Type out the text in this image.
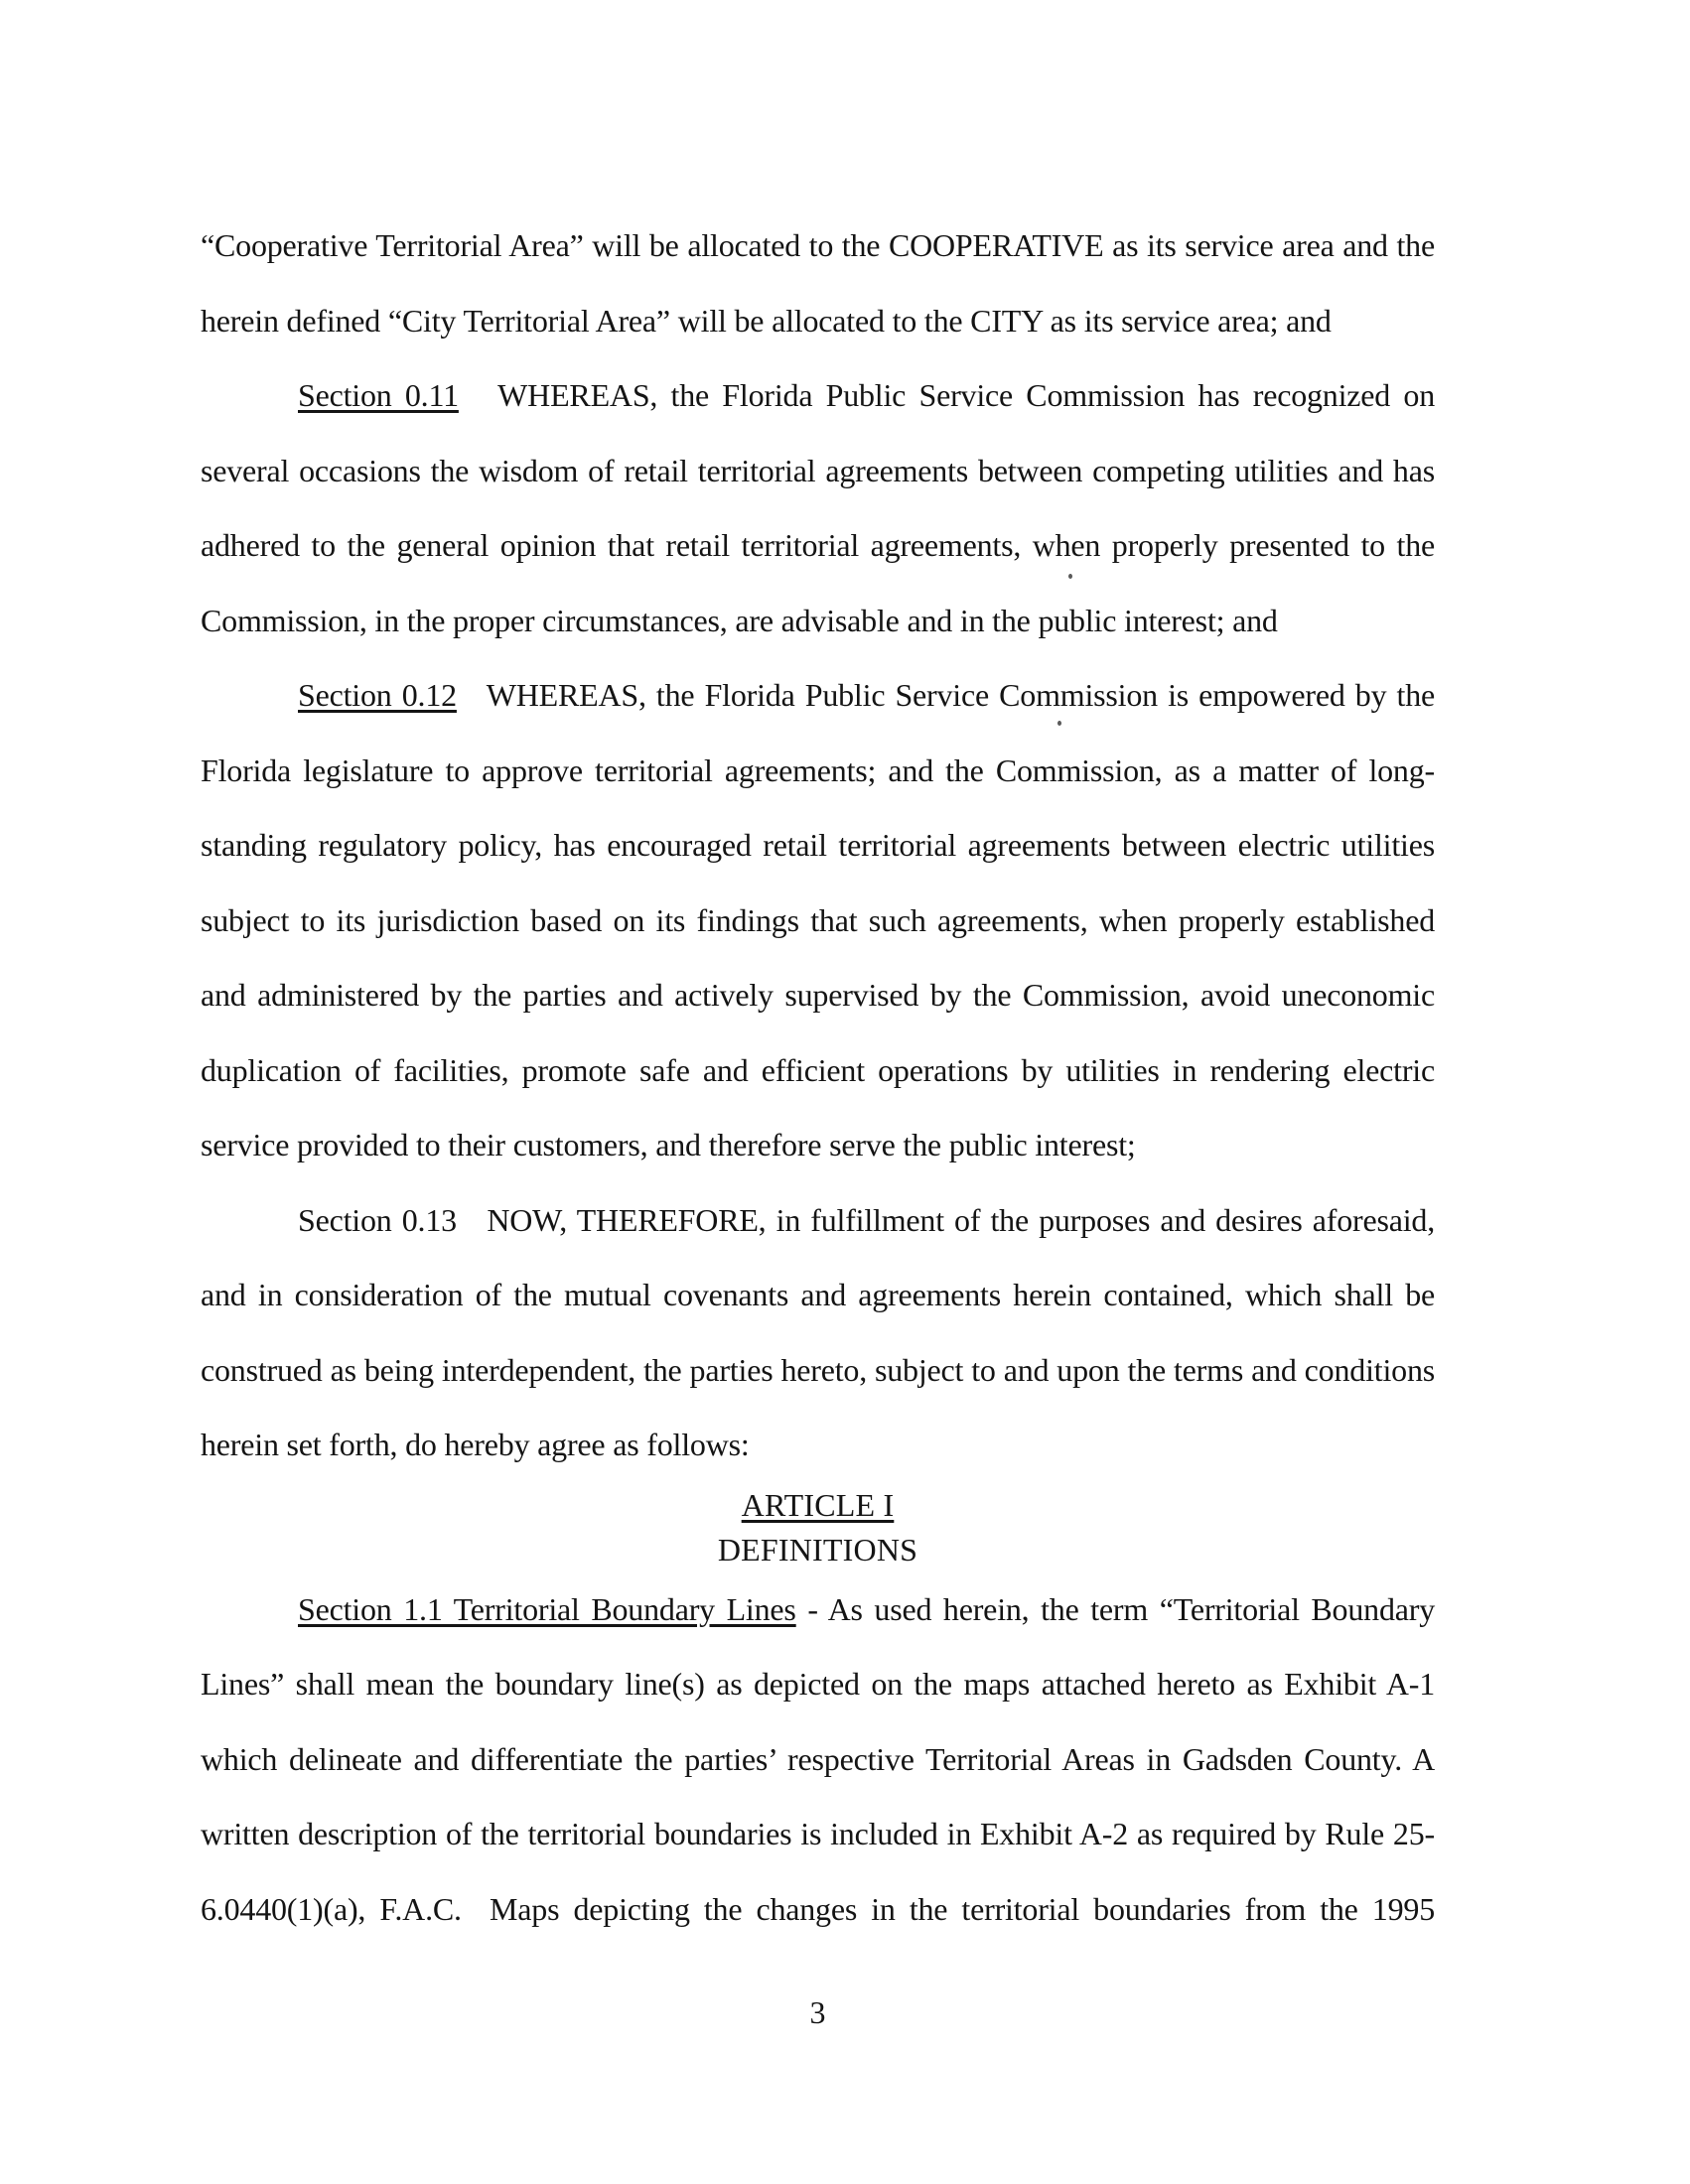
“Cooperative Territorial Area” will be allocated to the COOPERATIVE as its service area and the
herein defined “City Territorial Area” will be allocated to the CITY as its service area; and
Section 0.11   WHEREAS, the Florida Public Service Commission has recognized on
several occasions the wisdom of retail territorial agreements between competing utilities and has
adhered to the general opinion that retail territorial agreements, when properly presented to the
Commission, in the proper circumstances, are advisable and in the public interest; and
Section 0.12   WHEREAS, the Florida Public Service Commission is empowered by the
Florida legislature to approve territorial agreements; and the Commission, as a matter of long-
standing regulatory policy, has encouraged retail territorial agreements between electric utilities
subject to its jurisdiction based on its findings that such agreements, when properly established
and administered by the parties and actively supervised by the Commission, avoid uneconomic
duplication of facilities, promote safe and efficient operations by utilities in rendering electric
service provided to their customers, and therefore serve the public interest;
Section 0.13   NOW, THEREFORE, in fulfillment of the purposes and desires aforesaid,
and in consideration of the mutual covenants and agreements herein contained, which shall be
construed as being interdependent, the parties hereto, subject to and upon the terms and conditions
herein set forth, do hereby agree as follows:
ARTICLE I
DEFINITIONS
Section 1.1 Territorial Boundary Lines - As used herein, the term “Territorial Boundary
Lines” shall mean the boundary line(s) as depicted on the maps attached hereto as Exhibit A-1
which delineate and differentiate the parties’ respective Territorial Areas in Gadsden County. A
written description of the territorial boundaries is included in Exhibit A-2 as required by Rule 25-
6.0440(1)(a), F.A.C.  Maps depicting the changes in the territorial boundaries from the 1995
3
